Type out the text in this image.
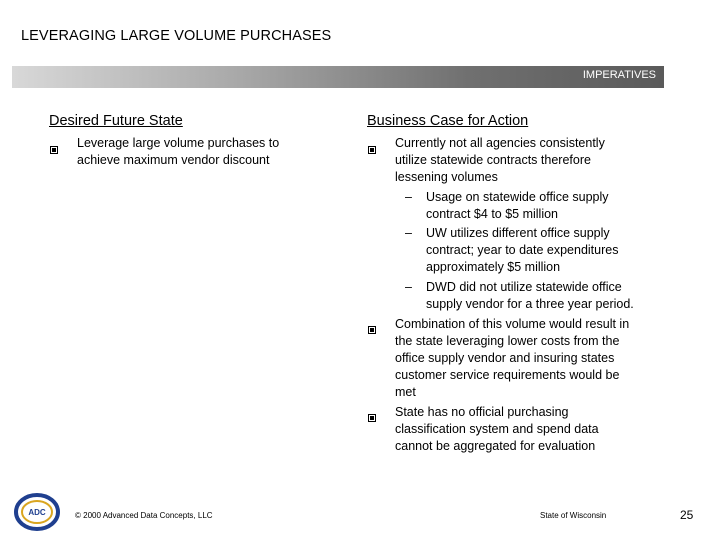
LEVERAGING LARGE VOLUME PURCHASES
IMPERATIVES
Desired Future State
Leverage large volume purchases to
achieve maximum vendor discount
Business Case for Action
Currently not all agencies consistently
utilize statewide contracts therefore
lessening volumes
– Usage on statewide office supply
contract $4 to $5 million
– UW utilizes different office supply
contract; year to date expenditures
approximately $5 million
– DWD did not utilize statewide office
supply vendor for a three year period.
Combination of this volume would result in
the state leveraging lower costs from the
office supply vendor and insuring states
customer service requirements would be
met
State has no official purchasing
classification system and spend data
cannot be aggregated for evaluation
ADC	© 2000 Advanced Data Concepts, LLC	State of Wisconsin	25
